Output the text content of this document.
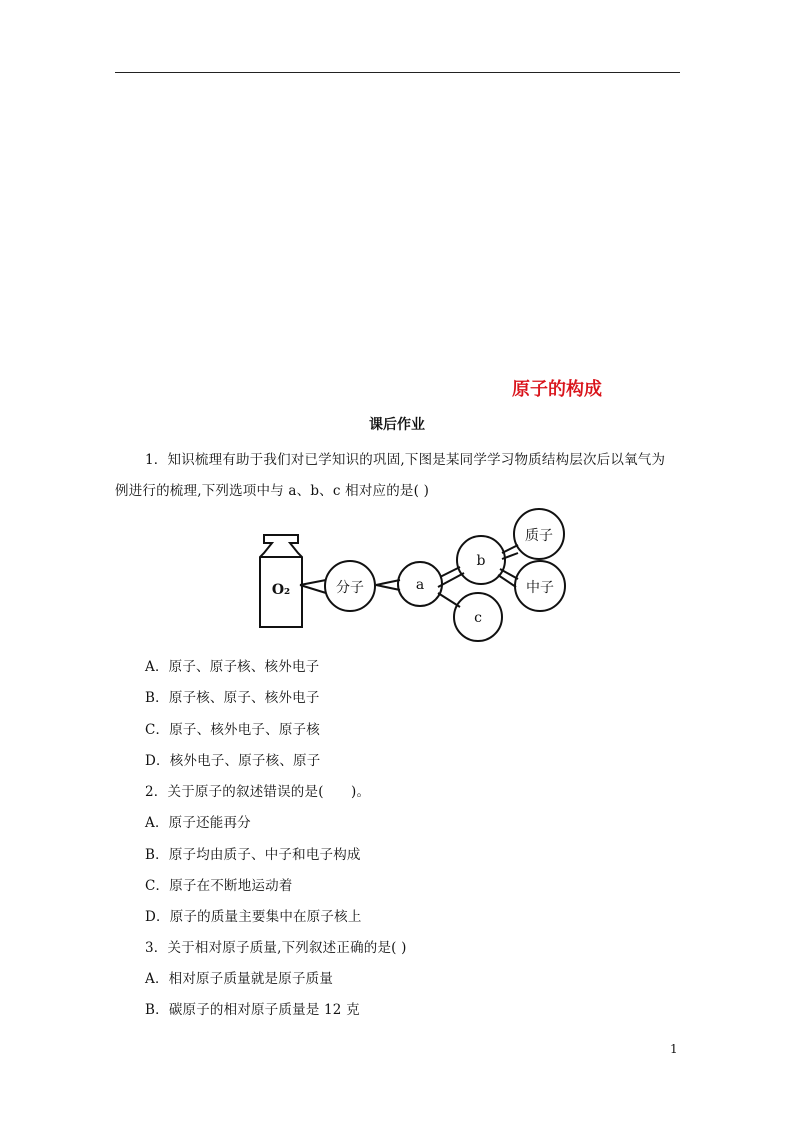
原子的构成
课后作业
1．知识梳理有助于我们对已学知识的巩固,下图是某同学学习物质结构层次后以氧气为
例进行的梳理,下列选项中与 a、b、c 相对应的是( )
O₂	分子	a
b
c
质子
中子
A．原子、原子核、核外电子
B．原子核、原子、核外电子
C．原子、核外电子、原子核
D．核外电子、原子核、原子
2．关于原子的叙述错误的是(　　)。
A．原子还能再分
B．原子均由质子、中子和电子构成
C．原子在不断地运动着
D．原子的质量主要集中在原子核上
3．关于相对原子质量,下列叙述正确的是( )
A．相对原子质量就是原子质量
B．碳原子的相对原子质量是 12 克
1
